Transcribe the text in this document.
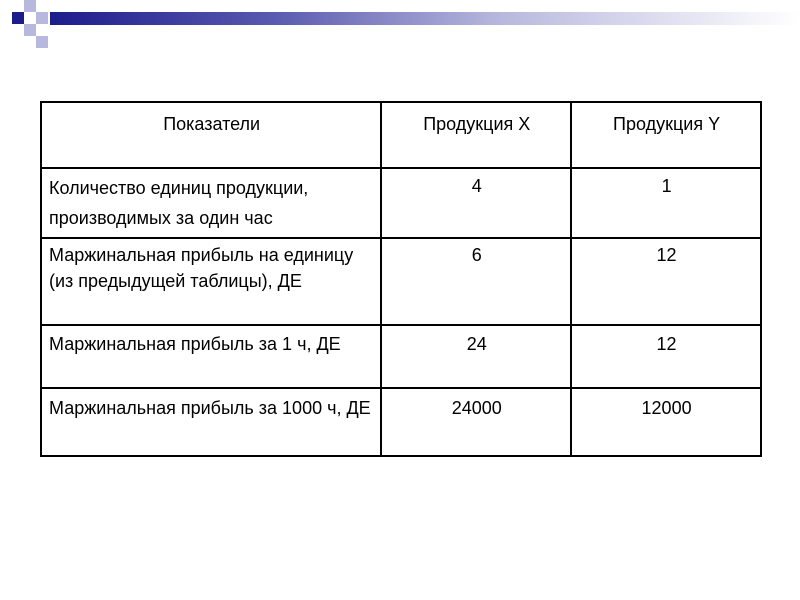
Показатели	Продукция X	Продукция Y
Количество единиц продукции, производимых за один час	4	1
Маржинальная прибыль на единицу (из предыдущей таблицы), ДЕ	6	12
Маржинальная прибыль за 1 ч, ДЕ	24	12
Маржинальная прибыль за 1000 ч, ДЕ	24000	12000
